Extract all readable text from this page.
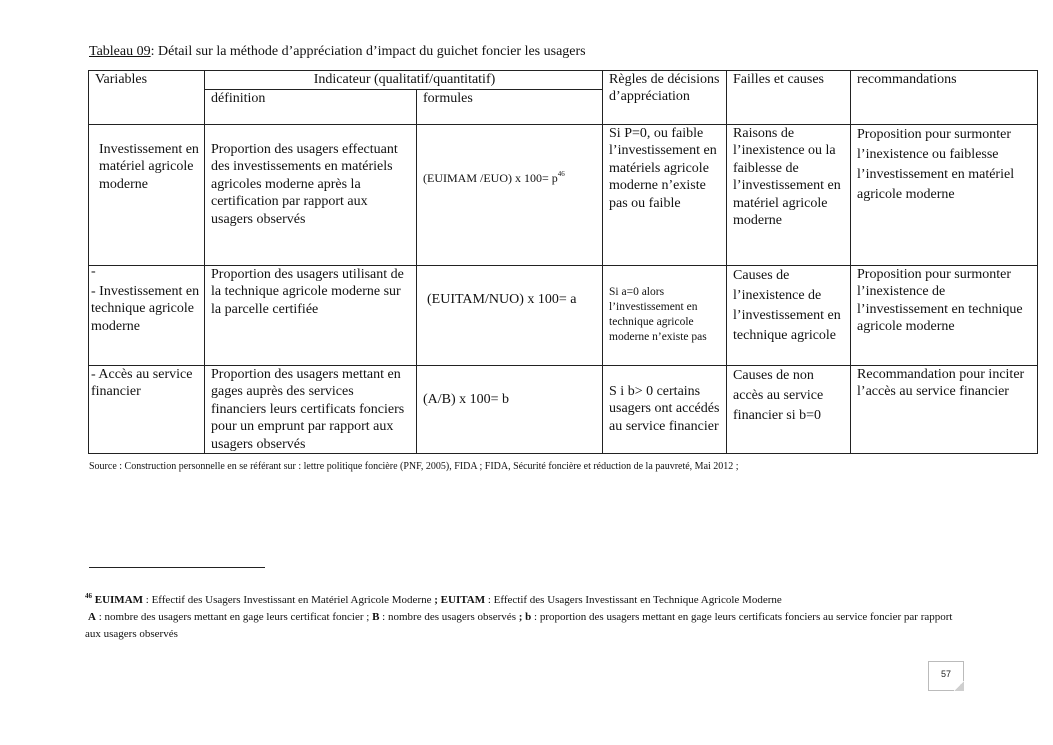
Tableau 09: Détail sur la méthode d’appréciation d’impact du guichet foncier les usagers
Variables	Indicateur (qualitatif/quantitatif)		Règles de décisions d’appréciation	Failles et causes	recommandations
	définition	formules			
Investissement en matériel agricole moderne	Proportion des usagers effectuant des investissements en matériels agricoles moderne après la certification par rapport aux usagers observés	(EUIMAM /EUO) x $100= p^{46}$	Si P=0, ou faible l’investissement en matériels agricole moderne n’existe pas ou faible	Raisons de l’inexistence ou la faiblesse de l’investissement en matériel agricole moderne	Proposition pour surmonter l’inexistence ou faiblesse l’investissement en matériel agricole moderne

-
- Investissement en technique agricole moderne	Proportion des usagers utilisant de la technique agricole moderne sur la parcelle certifiée	(EUITAM/NUO) x 100= a	Si a=0 alors l’investissement en technique agricole moderne n’existe pas	Causes de l’inexistence de l’investissement en technique agricole	Proposition pour surmonter l’inexistence de l’investissement en technique agricole moderne
- Accès au service financier	Proportion des usagers mettant en gages auprès des services financiers leurs certificats fonciers pour un emprunt par rapport aux usagers observés	(A/B) x 100= b	S i b> 0 certains usagers ont accédés au service financier	Causes de non accès au service financier si b=0	Recommandation pour inciter l’accès au service financier
Source : Construction personnelle en se référant sur : lettre politique foncière (PNF, 2005), FIDA ; FIDA, Sécurité foncière et réduction de la pauvreté, Mai 2012 ;
$^{46}$ EUIMAM : Effectif des Usagers Investissant en Matériel Agricole Moderne ; EUITAM : Effectif des Usagers Investissant en Technique Agricole Moderne
A : nombre des usagers mettant en gage leurs certificat foncier ; B : nombre des usagers observés ; b : proportion des usagers mettant en gage leurs certificats fonciers au service foncier par rapport aux usagers observés
57
